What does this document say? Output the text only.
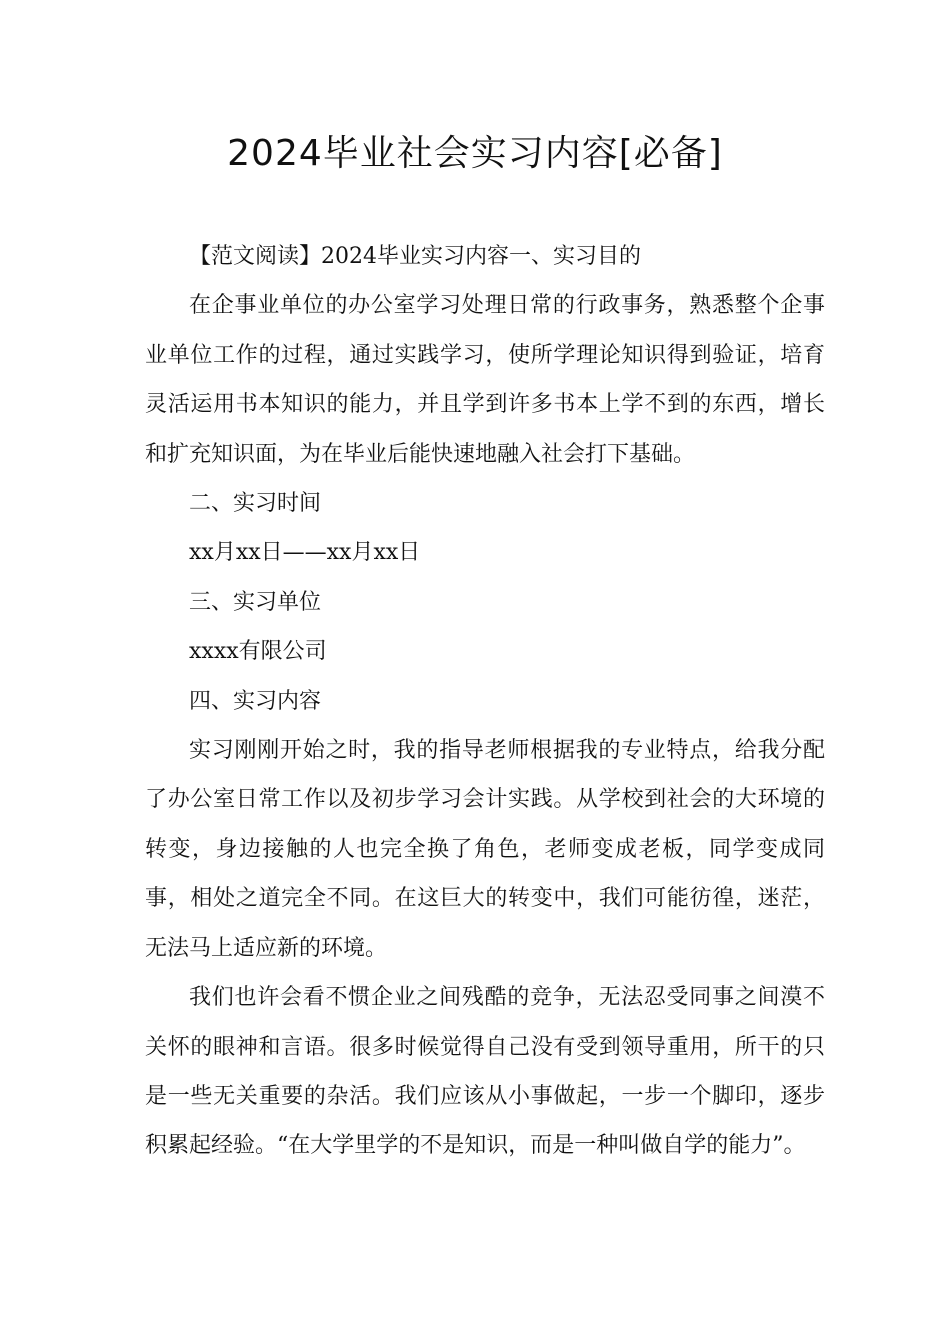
2024毕业社会实习内容[必备]

【范文阅读】2024毕业实习内容一、实习目的

在企事业单位的办公室学习处理日常的行政事务，熟悉整个企事业单位工作的过程，通过实践学习，使所学理论知识得到验证，培育灵活运用书本知识的能力，并且学到许多书本上学不到的东西，增长和扩充知识面，为在毕业后能快速地融入社会打下基础。

二、实习时间

xx月xx日——xx月xx日

三、实习单位

xxxx有限公司

四、实习内容

实习刚刚开始之时，我的指导老师根据我的专业特点，给我分配了办公室日常工作以及初步学习会计实践。从学校到社会的大环境的转变，身边接触的人也完全换了角色，老师变成老板，同学变成同事，相处之道完全不同。在这巨大的转变中，我们可能彷徨，迷茫，无法马上适应新的环境。

我们也许会看不惯企业之间残酷的竞争，无法忍受同事之间漠不关怀的眼神和言语。很多时候觉得自己没有受到领导重用，所干的只是一些无关重要的杂活。我们应该从小事做起，一步一个脚印，逐步积累起经验。“在大学里学的不是知识，而是一种叫做自学的能力”。
